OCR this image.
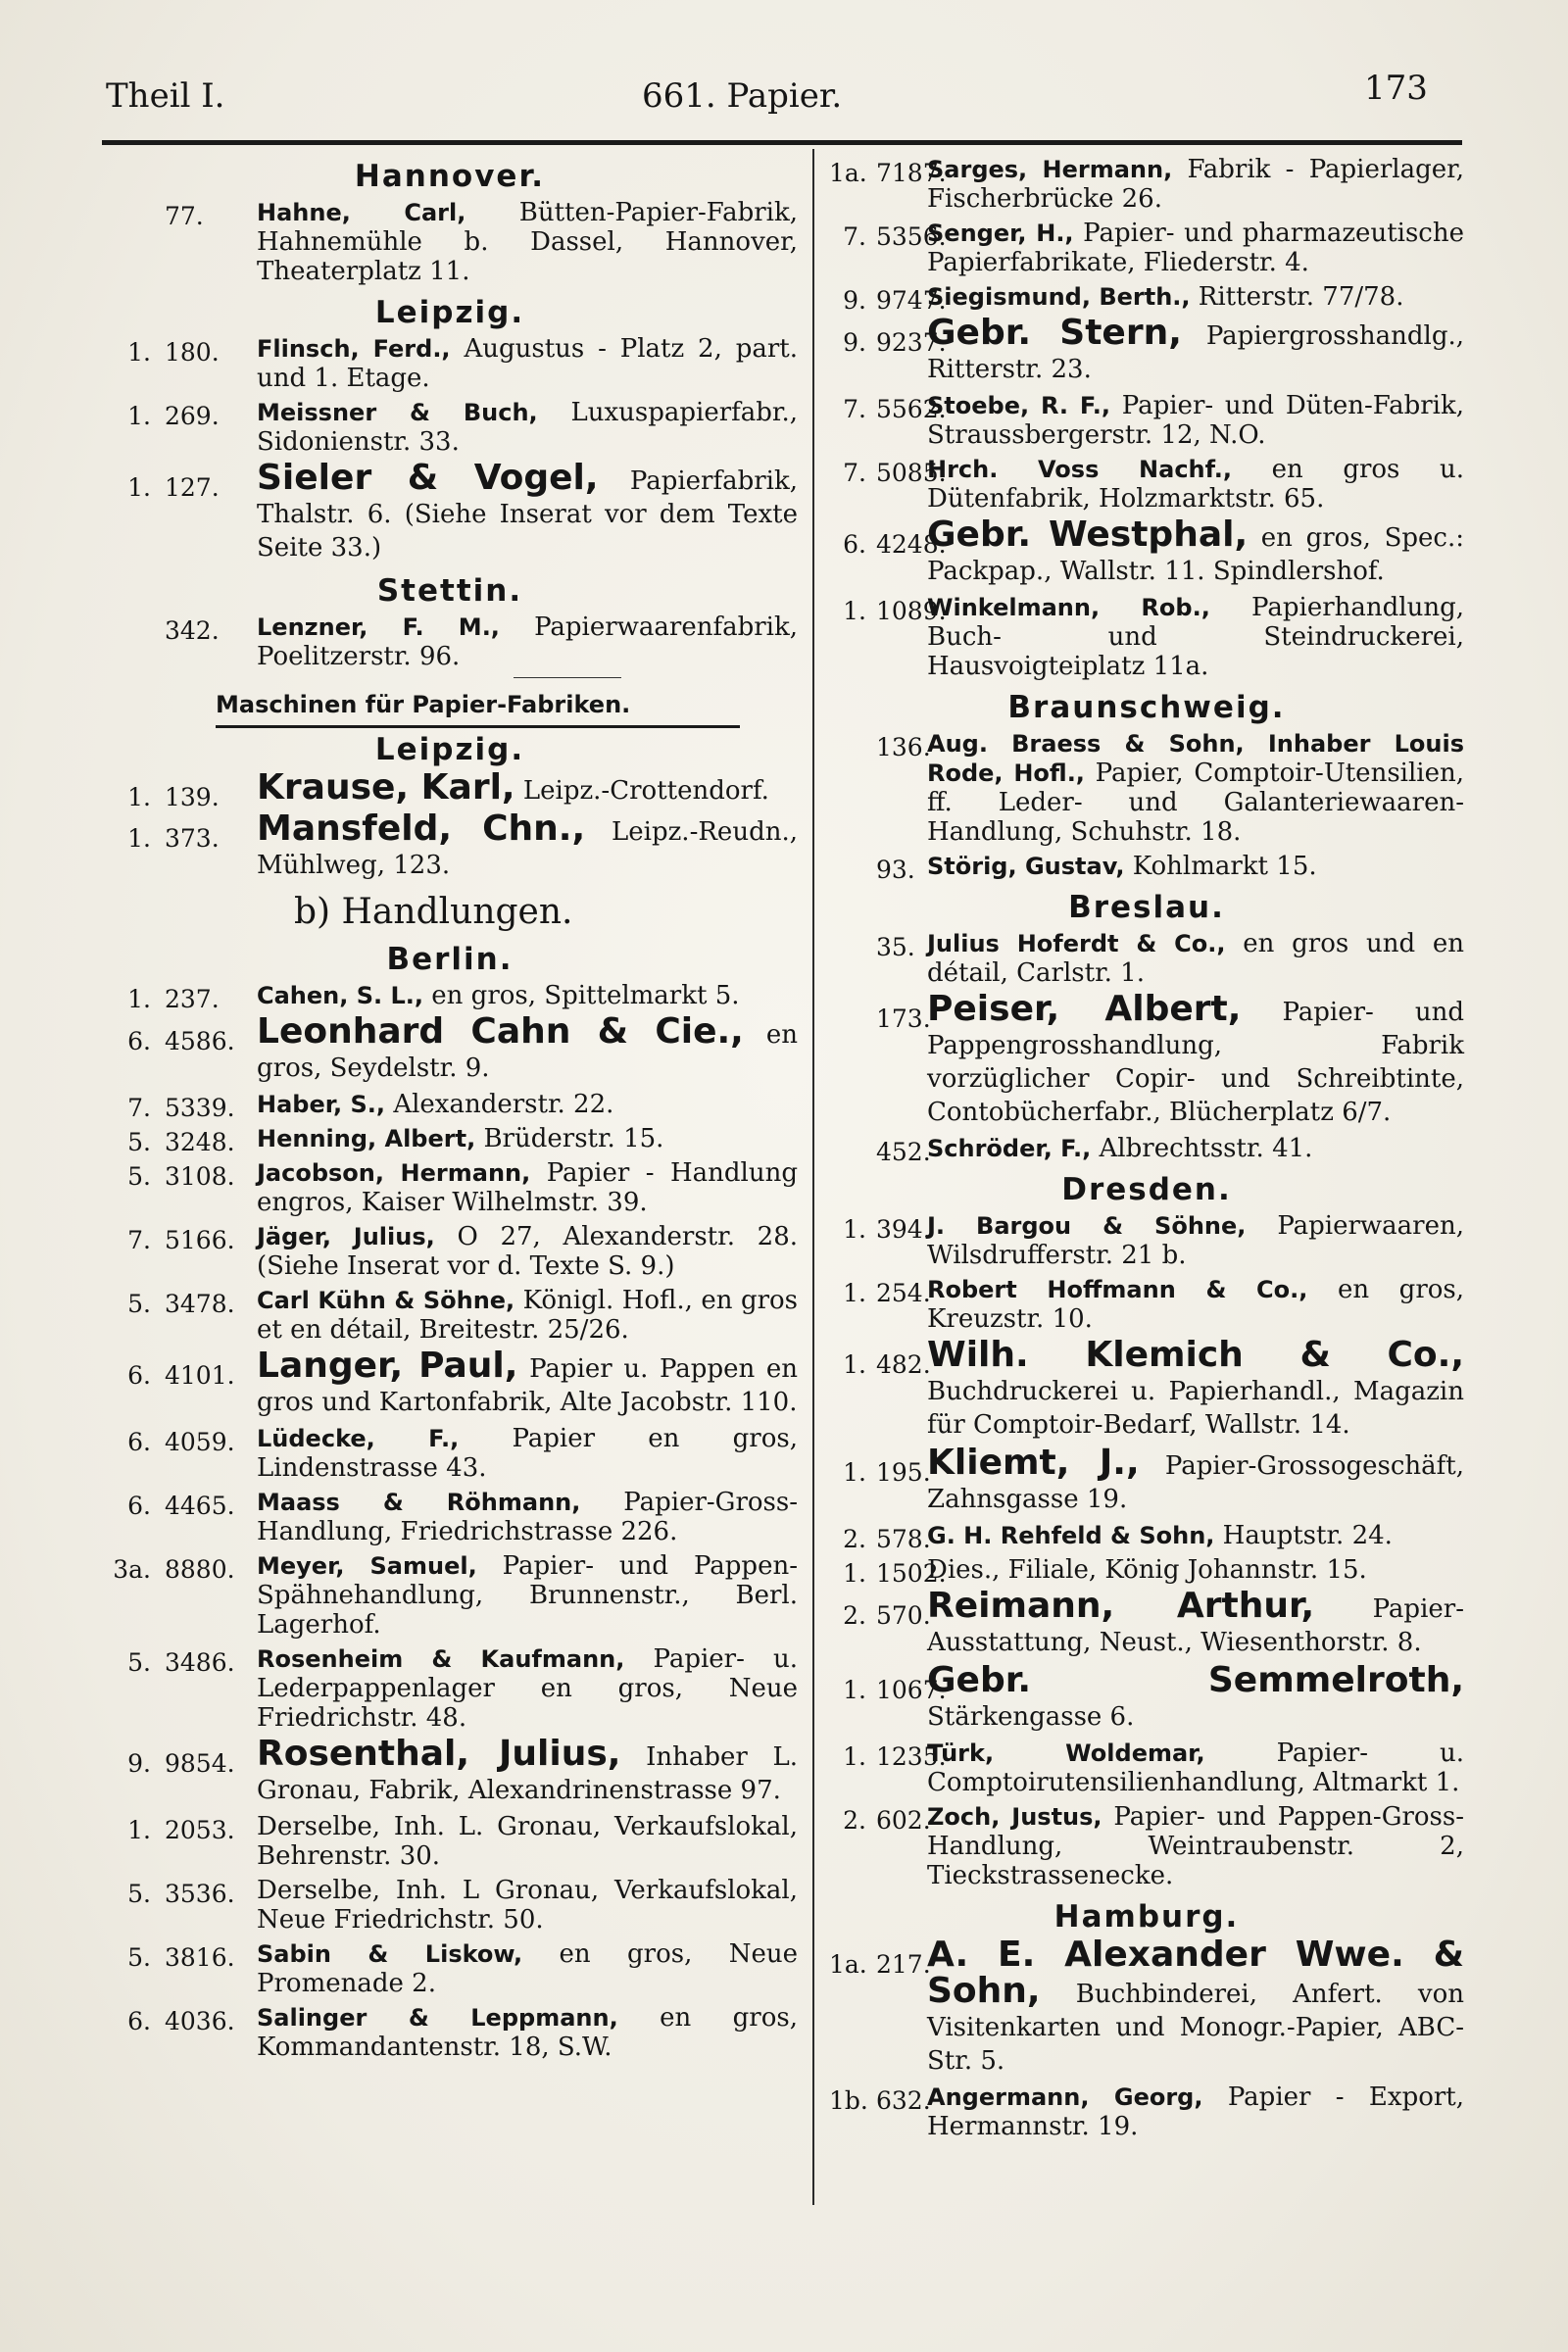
Theil I.	661. Papier.	173
Hannover.
77.	Hahne, Carl, Bütten-Papier-Fabrik, Hahnemühle b. Dassel, Hannover, Theaterplatz 11.
Leipzig.
1. 180.	Flinsch, Ferd., Augustus - Platz 2, part. und 1. Etage.
1. 269.	Meissner & Buch, Luxuspapierfabr., Sidonienstr. 33.
1. 127.	Sieler & Vogel, Papierfabrik, Thalstr. 6. (Siehe Inserat vor dem Texte Seite 33.)
Stettin.
342.	Lenzner, F. M., Papierwaarenfabrik, Poelitzerstr. 96.
Maschinen für Papier-Fabriken.
Leipzig.
1. 139.	Krause, Karl, Leipz.-Crottendorf.
1. 373.	Mansfeld, Chn., Leipz.-Reudn., Mühlweg, 123.
b) Handlungen.
Berlin.
1. 237.	Cahen, S. L., en gros, Spittelmarkt 5.
6. 4586. Leonhard Cahn & Cie., en gros, Seydelstr. 9.
7. 5339. Haber, S., Alexanderstr. 22.
5. 3248. Henning, Albert, Brüderstr. 15.
5. 3108. Jacobson, Hermann, Papier - Handlung engros, Kaiser Wilhelmstr. 39.
7. 5166. Jäger, Julius, O 27, Alexanderstr. 28. (Siehe Inserat vor d. Texte S. 9.)
5. 3478. Carl Kühn & Söhne, Königl. Hofl., en gros et en détail, Breitestr. 25/26.
6. 4101. Langer, Paul, Papier u. Pappen en gros und Kartonfabrik, Alte Jacobstr. 110.
6. 4059. Lüdecke, F., Papier en gros, Lindenstrasse 43.
6. 4465. Maass & Röhmann, Papier-Gross-Handlung, Friedrichstrasse 226.
3a. 8880. Meyer, Samuel, Papier- und Pappen-Spähnehandlung, Brunnenstr., Berl. Lagerhof.
5. 3486. Rosenheim & Kaufmann, Papier- u. Lederpappenlager en gros, Neue Friedrichstr. 48.
9. 9854. Rosenthal, Julius, Inhaber L. Gronau, Fabrik, Alexandrinenstrasse 97.
1. 2053. Derselbe, Inh. L. Gronau, Verkaufslokal, Behrenstr. 30.
5. 3536. Derselbe, Inh. L Gronau, Verkaufslokal, Neue Friedrichstr. 50.
5. 3816. Sabin & Liskow, en gros, Neue Promenade 2.
6. 4036. Salinger & Leppmann, en gros, Kommandantenstr. 18, S.W.
1a. 7187.
Sarges, Hermann, Fabrik - Papierlager, Fischerbrücke 26.
7. 5356.
Senger, H., Papier- und pharmazeutische Papierfabrikate, Fliederstr. 4.
9. 9747.
Siegismund, Berth., Ritterstr. 77/78.
9. 9237.
Gebr. Stern, Papiergrosshandlg., Ritterstr. 23.
7. 5562.
Stoebe, R. F., Papier- und Düten-Fabrik, Straussbergerstr. 12, N.O.
7. 5085.
Hrch. Voss Nachf., en gros u. Dütenfabrik, Holzmarktstr. 65.
6. 4248.
Gebr. Westphal, en gros, Spec.: Packpap., Wallstr. 11. Spindlershof.
1. 1089.
Winkelmann, Rob., Papierhandlung, Buch- und Steindruckerei, Hausvoigteiplatz 11a.
Braunschweig.
136.
Aug. Braess & Sohn, Inhaber Louis Rode, Hofl., Papier, Comptoir-Utensilien, ff. Leder- und Galanteriewaaren-Handlung, Schuhstr. 18.
93. Störig, Gustav, Kohlmarkt 15.
Breslau.
35. Julius Hoferdt & Co., en gros und en détail, Carlstr. 1.
173.
Peiser, Albert, Papier- und Pappengrosshandlung, Fabrik vorzüglicher Copir- und Schreibtinte, Contobücherfabr., Blücherplatz 6/7.
452.
Schröder, F., Albrechtsstr. 41.
Dresden.
1. 394.
J. Bargou & Söhne, Papierwaaren, Wilsdrufferstr. 21 b.
1. 254.
Robert Hoffmann & Co., en gros, Kreuzstr. 10.
1. 482.
Wilh. Klemich & Co., Buchdruckerei u. Papierhandl., Magazin für Comptoir-Bedarf, Wallstr. 14.
1. 195.
Kliemt, J., Papier-Grossogeschäft, Zahnsgasse 19.
2. 578.
G. H. Rehfeld & Sohn, Hauptstr. 24.
1. 1502.
Dies., Filiale, König Johannstr. 15.
2. 570.
Reimann, Arthur, Papier-Ausstattung, Neust., Wiesenthorstr. 8.
1. 1067.
Gebr. Semmelroth, Stärkengasse 6.
1. 1235.
Türk, Woldemar,	Papier- u. Comptoirutensilienhandlung, Altmarkt 1.
2. 602.
Zoch, Justus, Papier- und Pappen-Gross-Handlung, Weintraubenstr. 2, Tieckstrassenecke.
Hamburg.
1a. 217.
A. E. Alexander Wwe. & Sohn, Buchbinderei, Anfert. von Visitenkarten und Monogr.-Papier, ABC-Str. 5.
1b. 632.
Angermann, Georg, Papier - Export, Hermannstr. 19.
